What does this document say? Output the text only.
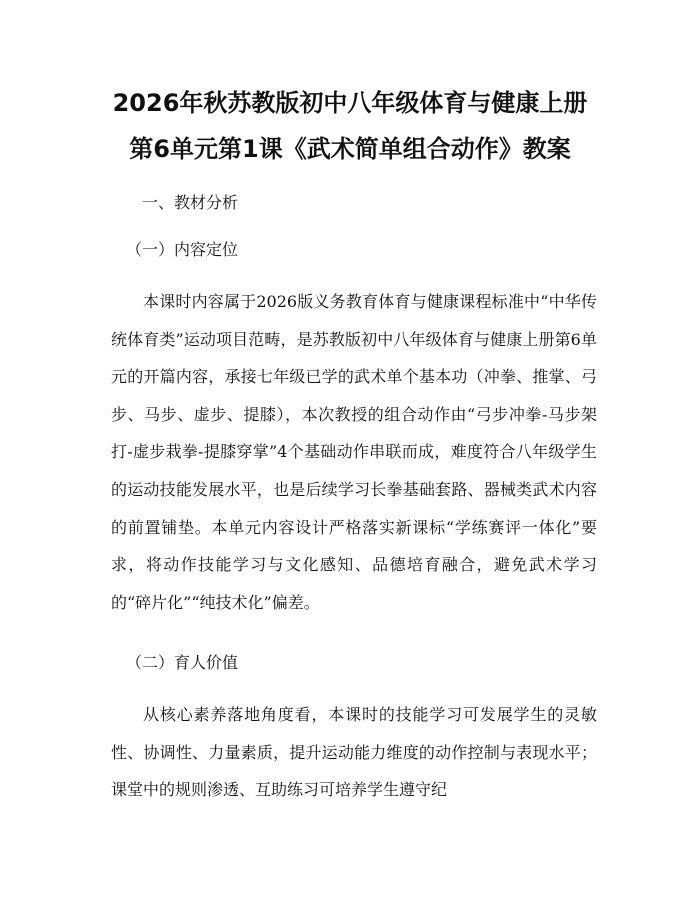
2026年秋苏教版初中八年级体育与健康上册
第6单元第1课《武术简单组合动作》教案
一、教材分析
（一）内容定位
本课时内容属于2026版义务教育体育与健康课程标准中“中华传统体育类”运动项目范畴，是苏教版初中八年级体育与健康上册第6单元的开篇内容，承接七年级已学的武术单个基本功（冲拳、推掌、弓步、马步、虚步、提膝），本次教授的组合动作由“弓步冲拳-马步架打-虚步栽拳-提膝穿掌”4个基础动作串联而成，难度符合八年级学生的运动技能发展水平，也是后续学习长拳基础套路、器械类武术内容的前置铺垫。本单元内容设计严格落实新课标“学练赛评一体化”要求，将动作技能学习与文化感知、品德培育融合，避免武术学习的“碎片化”“纯技术化”偏差。
（二）育人价值
从核心素养落地角度看，本课时的技能学习可发展学生的灵敏性、协调性、力量素质，提升运动能力维度的动作控制与表现水平；课堂中的规则渗透、互助练习可培养学生遵守纪
